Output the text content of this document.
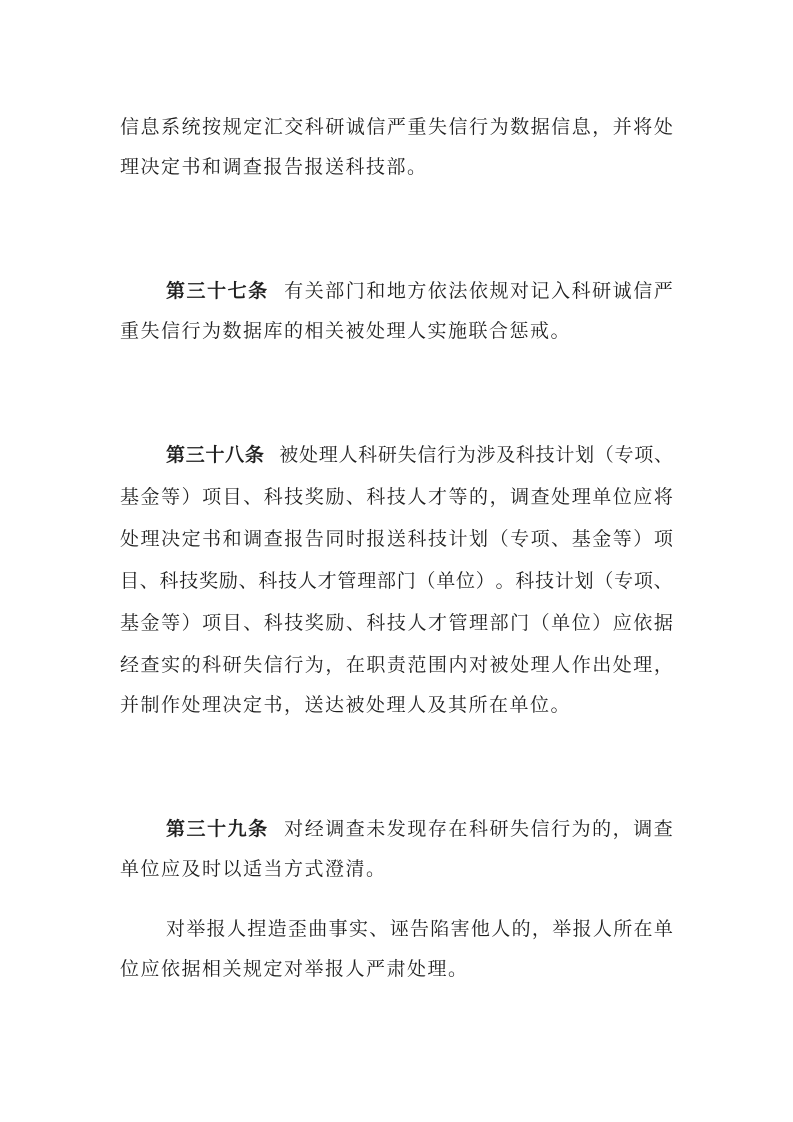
信 息 系 统 按 规 定 汇 交 科 研 诚 信 严 重 失 信 行 为 数 据 信 息 ， 并 将 处
理决定书和调查报告报送科技部。
第 三 十 七 条 有 关 部 门 和 地 方 依 法 依 规 对 记 入 科 研 诚 信 严
重失信行为数据库的相关被处理人实施联合惩戒。
第 三 十 八 条 被 处 理 人 科 研 失 信 行 为 涉 及 科 技 计 划 （ 专 项 、
基 金 等 ） 项 目 、 科 技 奖 励 、 科 技 人 才 等 的 ， 调 查 处 理 单 位 应 将
处 理 决 定 书 和 调 查 报 告 同 时 报 送 科 技 计 划 （ 专 项 、 基 金 等 ） 项
目 、 科 技 奖 励 、 科 技 人 才 管 理 部 门 （ 单 位 ） 。 科 技 计 划 （ 专 项 、
基 金 等 ） 项 目 、 科 技 奖 励 、 科 技 人 才 管 理 部 门 （ 单 位 ） 应 依 据
经 查 实 的 科 研 失 信 行 为 ， 在 职 责 范 围 内 对 被 处 理 人 作 出 处 理 ，
并制作处理决定书，送达被处理人及其所在单位。
第 三 十 九 条 对 经 调 查 未 发 现 存 在 科 研 失 信 行 为 的 ， 调 查
单位应及时以适当方式澄清。
对 举 报 人 捏 造 歪 曲 事 实 、 诬 告 陷 害 他 人 的 ， 举 报 人 所 在 单
位应依据相关规定对举报人严肃处理。
